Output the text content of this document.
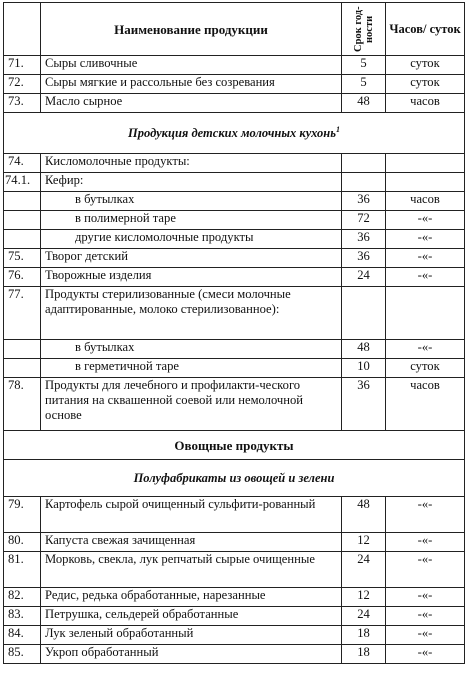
	Наименование продукции	Срок год-ности	Часов/ суток
71.	Сыры сливочные	5	суток
72.	Сыры мягкие и рассольные без созревания	5	суток
73.	Масло сырное	48	часов
Продукция детских молочных кухонь$^1$
74.	Кисломолочные продукты:		
74.1.	Кефир:		
	в бутылках	36	часов
	в полимерной таре	72	-«-
	другие кисломолочные продукты	36	-«-
75.	Творог детский	36	-«-
76.	Творожные изделия	24	-«-
77.	Продукты стерилизованные (смеси молочные адаптированные, молоко стерилизованное):		
	в бутылках	48	-«-
	в герметичной таре	10	суток
78.	Продукты для лечебного и профилакти-ческого питания на сквашенной соевой или немолочной основе	36	часов
Овощные продукты			
Полуфабрикаты из овощей и зелени			
79.	Картофель сырой очищенный сульфити-рованный	48	-«-
80.	Капуста свежая зачищенная	12	-«-
81.	Морковь, свекла, лук репчатый сырые очищенные	24	-«-
82.	Редис, редька обработанные, нарезанные	12	-«-
83.	Петрушка, сельдерей обработанные	24	-«-
84.	Лук зеленый обработанный	18	-«-
85.	Укроп обработанный	18	-«-
